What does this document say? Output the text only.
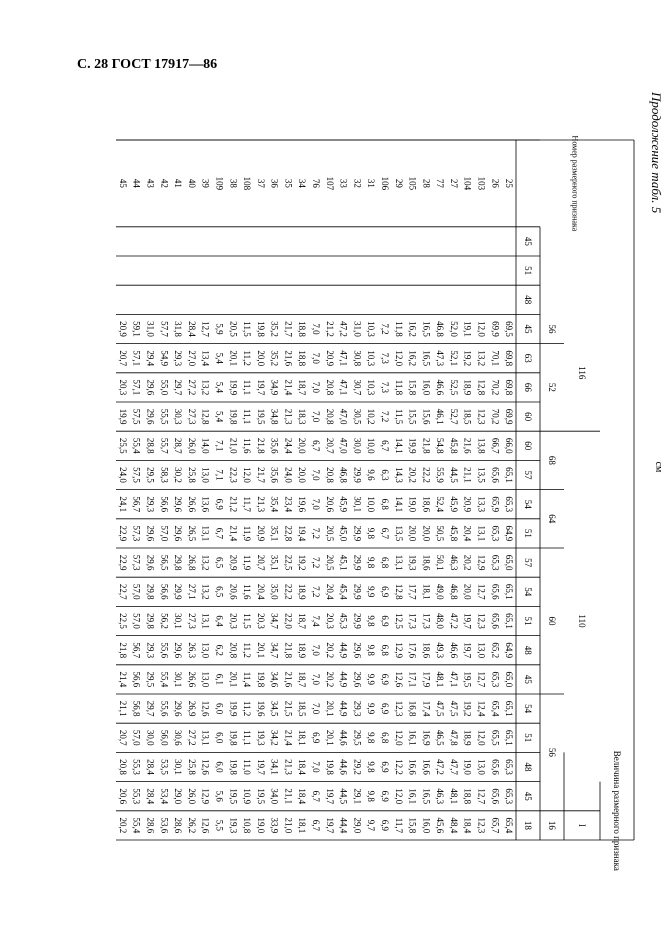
С. 28 ГОСТ 17917—86
Продолжение табл. 5
см
Номер размерного признака
Величина размерного признака
I
110
116
16
56
60
64
68
52
56
18
45
48
51
54
45
48
51
54
57
51
54
57
60
60
66
63
45
48
51
45
25
65,4
65,3
65,3
65,1
65,1
65,0
64,9
65,1
65,1
65,0
64,9
65,3
65,1
66,0
69,9
69,8
69,8
69,5
26
65,7
65,6
65,6
65,5
65,4
65,3
65,2
65,6
65,6
65,3
65,3
65,9
65,6
66,7
70,2
70,2
70,1
69,9
103
12,3
12,7
13,0
12,0
12,4
12,7
13,0
12,3
12,7
12,9
13,1
13,3
13,5
13,8
12,3
12,8
13,2
12,0
104
18,4
18,8
19,0
18,9
19,2
19,5
19,7
19,7
20,0
20,2
20,4
20,9
21,1
21,6
18,5
18,9
19,2
19,1
27
48,4
48,1
47,7
47,8
47,5
47,1
46,6
47,2
46,8
46,3
45,8
45,9
44,5
45,8
52,7
52,5
52,1
52,0
77
45,6
46,3
47,2
46,5
47,5
48,1
49,3
48,0
49,0
50,1
50,5
52,4
55,9
54,8
46,1
46,6
47,3
46,8
28
16,0
16,5
16,6
16,9
17,4
17,9
18,6
17,3
18,1
18,6
20,0
18,6
22,2
21,8
15,6
16,0
16,5
16,5
105
15,8
16,1
16,6
16,1
16,8
17,1
17,6
17,3
17,7
19,3
20,0
19,0
20,2
19,9
15,5
15,8
16,2
16,2
29
11,7
12,0
12,2
12,0
12,3
12,6
12,9
12,5
12,8
13,1
13,5
14,1
14,3
14,1
11,5
11,8
12,0
11,8
106
6,9
6,9
6,9
6,8
6,9
6,9
6,8
6,9
6,9
6,8
6,7
6,8
6,3
6,7
7,2
7,3
7,3
7,2
31
9,7
9,8
9,8
9,8
9,9
9,9
9,8
9,8
9,9
9,8
9,8
10,0
9,6
10,0
10,2
10,3
10,3
10,3
32
29,0
29,1
29,2
29,5
29,3
29,6
29,6
29,9
29,9
29,9
29,9
30,1
29,9
30,0
30,5
30,7
30,8
31,0
33
44,4
44,5
44,6
44,6
44,9
44,9
44,9
45,3
45,4
45,1
45,0
45,9
46,8
47,0
47,0
47,1
47,1
47,2
107
19,7
19,7
19,8
20,1
20,1
20,2
20,2
20,3
20,4
20,5
20,5
20,6
20,8
20,7
20,8
20,8
20,9
21,2
76
6,7
6,7
7,0
6,9
7,0
7,0
7,0
7,4
7,2
7,2
7,2
7,0
7,0
6,7
7,0
7,0
7,0
7,0
34
18,1
18,4
18,4
18,1
18,5
18,7
18,9
18,7
18,9
19,2
19,4
19,6
20,0
20,0
18,3
18,7
18,8
18,8
35
21,0
21,1
21,3
21,4
21,5
21,6
21,8
22,0
22,2
22,5
22,8
23,4
24,0
24,4
21,3
21,4
21,6
21,7
36
33,9
34,0
34,1
34,2
34,5
34,6
34,7
34,7
35,0
35,1
35,1
35,4
35,6
35,6
34,8
34,9
35,2
35,2
37
19,0
19,5
19,7
19,3
19,6
19,8
20,1
20,3
20,4
20,7
20,9
21,3
21,7
21,8
19,5
19,7
20,0
19,8
108
10,8
10,9
11,0
11,1
11,2
11,4
11,2
11,5
11,6
11,9
11,9
11,7
12,0
11,6
11,1
11,1
11,2
11,5
38
19,3
19,5
19,8
19,8
19,9
20,1
20,8
20,3
20,6
20,9
21,4
21,2
22,3
21,0
19,8
19,9
20,1
20,5
109
5,5
5,6
6,0
6,0
6,0
6,1
6,2
6,4
6,5
6,5
6,7
6,9
7,1
7,1
5,4
5,4
5,4
5,9
39
12,6
12,9
12,6
13,1
12,6
13,0
13,0
13,1
13,2
13,2
13,1
13,6
13,0
14,0
12,8
13,2
13,4
12,7
40
26,2
26,0
25,8
27,2
26,9
26,6
26,3
27,3
27,1
26,8
26,5
26,6
25,8
26,0
27,3
27,2
27,0
28,4
41
28,6
29,0
30,1
30,6
29,6
30,1
29,6
30,1
29,9
29,8
29,6
29,6
30,2
28,7
30,3
29,7
29,3
31,8
42
53,6
53,4
53,5
56,0
55,6
55,4
55,6
56,2
56,6
56,5
57,0
56,6
58,3
55,7
55,5
55,0
54,9
57,7
43
28,6
28,4
28,4
30,0
29,7
29,5
29,3
29,8
29,8
29,6
29,6
29,3
29,5
28,8
29,6
29,6
29,4
31,0
44
55,4
55,3
55,3
57,0
56,8
56,6
56,7
57,0
57,0
57,3
57,3
56,7
57,5
55,4
57,5
57,1
57,1
59,1
45
20,2
20,6
20,8
20,7
21,1
21,4
21,8
22,5
22,7
22,9
22,9
24,1
24,0
25,5
19,9
20,3
20,7
20,9
